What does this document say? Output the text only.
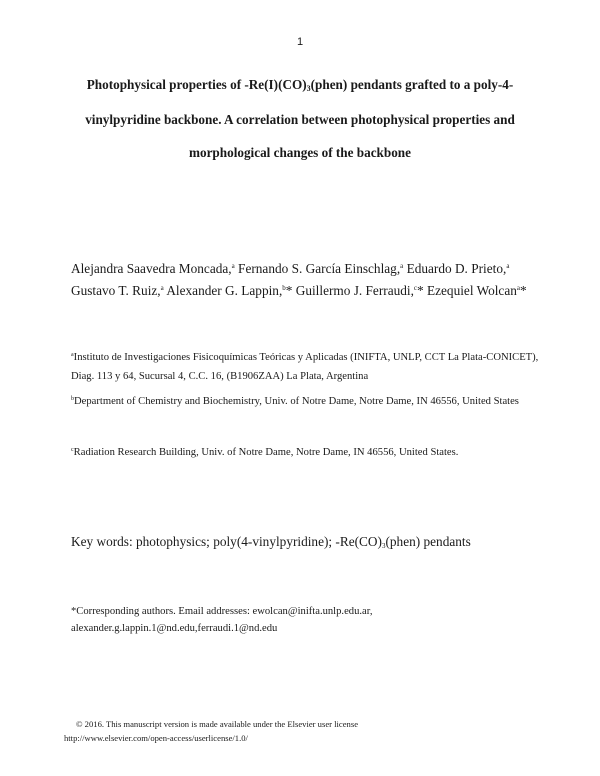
1
Photophysical properties of $-Re(I)(CO)_3(phen)$ pendants grafted to a poly-4-vinylpyridine backbone. A correlation between photophysical properties and morphological changes of the backbone
Alejandra Saavedra Moncada,$^a$ Fernando S. García Einschlag,$^a$ Eduardo D. Prieto,$^a$ Gustavo T. Ruiz,$^a$ Alexander G. Lappin,$^b$* Guillermo J. Ferraudi,$^c$* Ezequiel Wolcan$^a$*
$^a$Instituto de Investigaciones Fisicoquímicas Teóricas y Aplicadas (INIFTA, UNLP, CCT La Plata-CONICET), Diag. 113 y 64, Sucursal 4, C.C. 16, (B1906ZAA) La Plata, Argentina
$^b$Department of Chemistry and Biochemistry, Univ. of Notre Dame, Notre Dame, IN 46556, United States
$^c$Radiation Research Building, Univ. of Notre Dame, Notre Dame, IN 46556, United States.
Key words: photophysics; poly(4-vinylpyridine); $-Re(CO)_3(phen)$ pendants
*Corresponding authors. Email addresses: ewolcan@inifta.unlp.edu.ar, alexander.g.lappin.1@nd.edu,ferraudi.1@nd.edu
© 2016. This manuscript version is made available under the Elsevier user license
http://www.elsevier.com/open-access/userlicense/1.0/
